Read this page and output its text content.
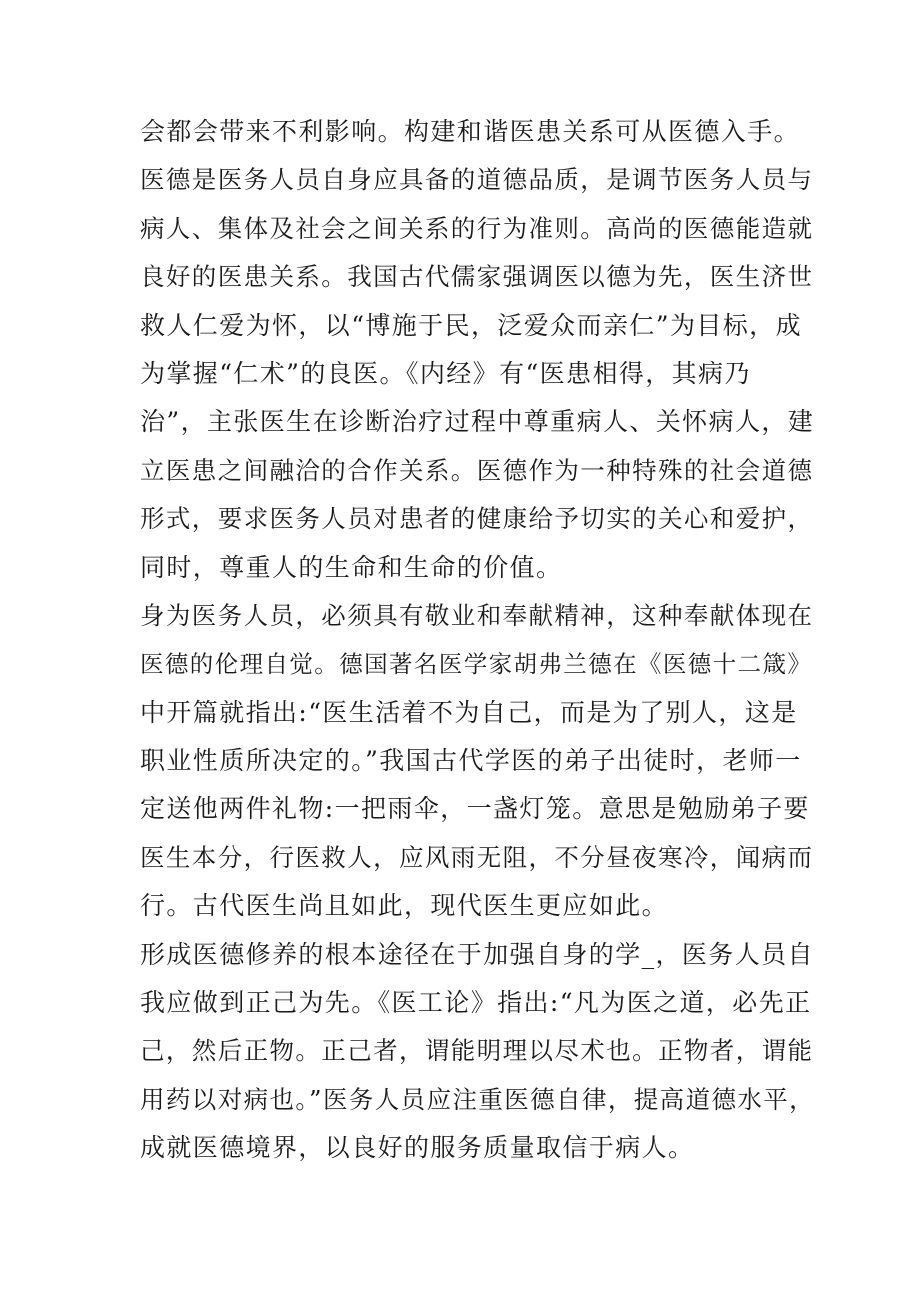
会都会带来不利影响。构建和谐医患关系可从医德入手。
医德是医务人员自身应具备的道德品质，是调节医务人员与
病人、集体及社会之间关系的行为准则。高尚的医德能造就
良好的医患关系。我国古代儒家强调医以德为先，医生济世
救人仁爱为怀，以“博施于民，泛爱众而亲仁”为目标，成
为掌握“仁术”的良医。《内经》有“医患相得，其病乃
治”，主张医生在诊断治疗过程中尊重病人、关怀病人，建
立医患之间融洽的合作关系。医德作为一种特殊的社会道德
形式，要求医务人员对患者的健康给予切实的关心和爱护，
同时，尊重人的生命和生命的价值。
身为医务人员，必须具有敬业和奉献精神，这种奉献体现在
医德的伦理自觉。德国著名医学家胡弗兰德在《医德十二箴》
中开篇就指出:“医生活着不为自己，而是为了别人，这是
职业性质所决定的。”我国古代学医的弟子出徒时，老师一
定送他两件礼物:一把雨伞，一盏灯笼。意思是勉励弟子要
医生本分，行医救人，应风雨无阻，不分昼夜寒冷，闻病而
行。古代医生尚且如此，现代医生更应如此。
形成医德修养的根本途径在于加强自身的学_，医务人员自
我应做到正己为先。《医工论》指出:“凡为医之道，必先正
己，然后正物。正己者，谓能明理以尽术也。正物者，谓能
用药以对病也。”医务人员应注重医德自律，提高道德水平，
成就医德境界，以良好的服务质量取信于病人。
